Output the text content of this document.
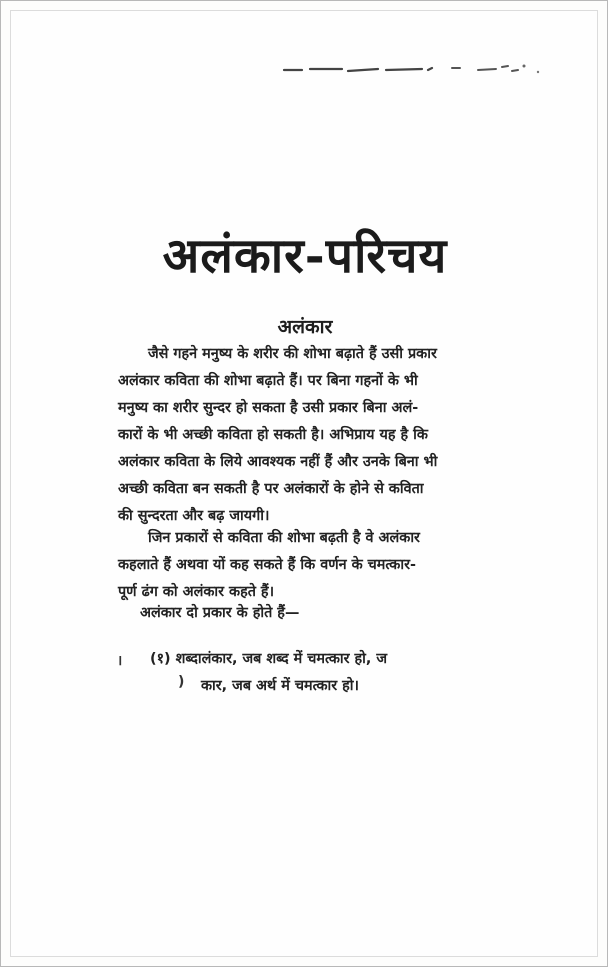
अलंकार-परिचय
अलंकार
जैसे गहने मनुष्य के शरीर की शोभा बढ़ाते हैं उसी प्रकार
अलंकार कविता की शोभा बढ़ाते हैं। पर बिना गहनों के भी
मनुष्य का शरीर सुन्दर हो सकता है उसी प्रकार बिना अलं-
कारों के भी अच्छी कविता हो सकती है। अभिप्राय यह है कि
अलंकार कविता के लिये आवश्यक नहीं हैं और उनके बिना भी
अच्छी कविता बन सकती है पर अलंकारों के होने से कविता
की सुन्दरता और बढ़ जायगी।
जिन प्रकारों से कविता की शोभा बढ़ती है वे अलंकार
कहलाते हैं अथवा यों कह सकते हैं कि वर्णन के चमत्कार-
पूर्ण ढंग को अलंकार कहते हैं।
अलंकार दो प्रकार के होते हैं—
।
)
(१) शब्दालंकार, जब शब्द में चमत्कार हो, ज
कार, जब अर्थ में चमत्कार हो।
